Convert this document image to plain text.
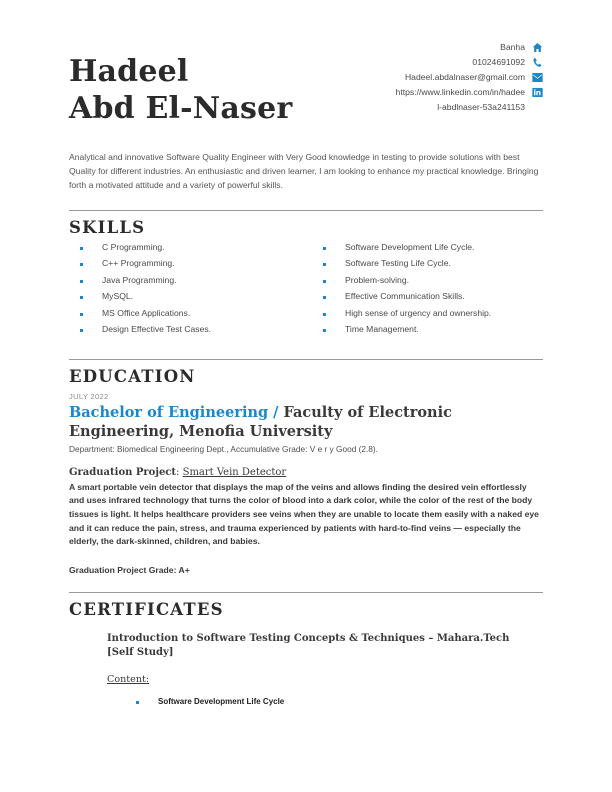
Hadeel
Abd El-Naser
Banha
01024691092
Hadeel.abdalnaser@gmail.com
https://www.linkedin.com/in/hadee
l-abdlnaser-53a241153
Analytical and innovative Software Quality Engineer with Very Good knowledge in testing to provide solutions with best Quality for different industries. An enthusiastic and driven learner, I am looking to enhance my practical knowledge. Bringing forth a motivated attitude and a variety of powerful skills.
SKILLS
C Programming.
C++ Programming.
Java Programming.
MySQL.
MS Office Applications.
Design Effective Test Cases.
Software Development Life Cycle.
Software Testing Life Cycle.
Problem-solving.
Effective Communication Skills.
High sense of urgency and ownership.
Time Management.
EDUCATION
JULY 2022
Bachelor of Engineering / Faculty of Electronic Engineering, Menofia University
Department: Biomedical Engineering Dept., Accumulative Grade: V e r y Good (2.8).
Graduation Project: Smart Vein Detector
A smart portable vein detector that displays the map of the veins and allows finding the desired vein effortlessly and uses infrared technology that turns the color of blood into a dark color, while the color of the rest of the body tissues is light. It helps healthcare providers see veins when they are unable to locate them easily with a naked eye and it can reduce the pain, stress, and trauma experienced by patients with hard-to-find veins — especially the elderly, the dark-skinned, children, and babies.
Graduation Project Grade: A+
CERTIFICATES
Introduction to Software Testing Concepts & Techniques – Mahara.Tech [Self Study]
Content:
Software Development Life Cycle
